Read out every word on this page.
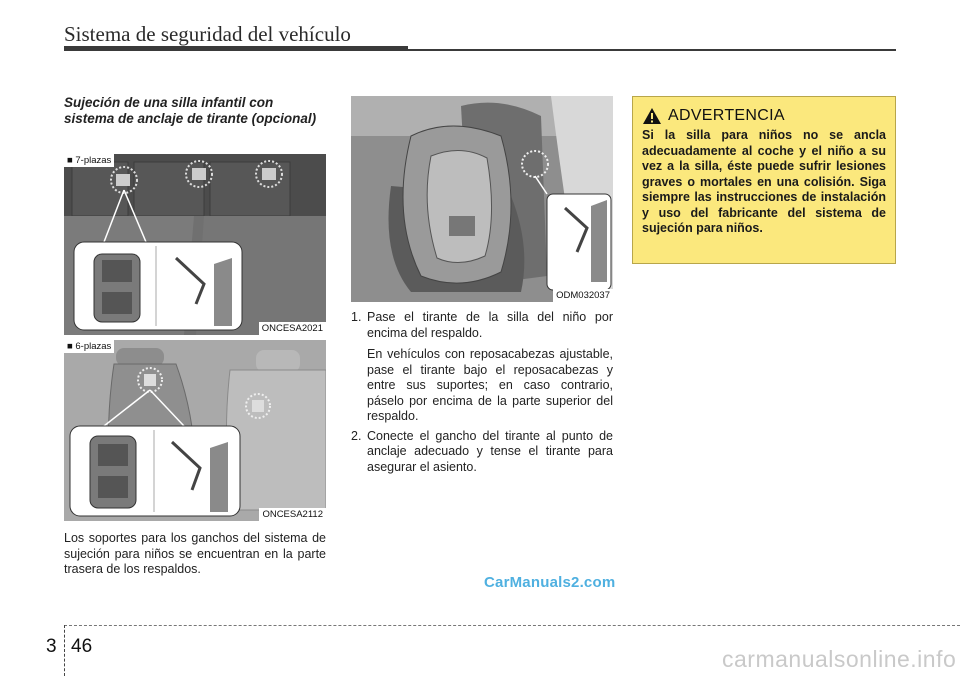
Sistema de seguridad del vehículo
Sujeción de una silla infantil con sistema de anclaje de tirante (opcional)
■ 7-plazas
ONCESA2021
■ 6-plazas
ONCESA2112
Los soportes para los ganchos del sistema de sujeción para niños se encuentran en la parte trasera de los respaldos.
ODM032037
1. Pase el tirante de la silla del niño por encima del respaldo.
En vehículos con reposacabezas ajustable, pase el tirante bajo el reposacabezas y entre sus suportes; en caso contrario, páselo por encima de la parte superior del respaldo.
2. Conecte el gancho del tirante al punto de anclaje adecuado y tense el tirante para asegurar el asiento.
ADVERTENCIA
Si la silla para niños no se ancla adecuadamente al coche y el niño a su vez a la silla, éste puede sufrir lesiones graves o mortales en una colisión. Siga siempre las instrucciones de instalación y uso del fabricante del sistema de sujeción para niños.
CarManuals2.com
3 46	carmanualsonline.info
